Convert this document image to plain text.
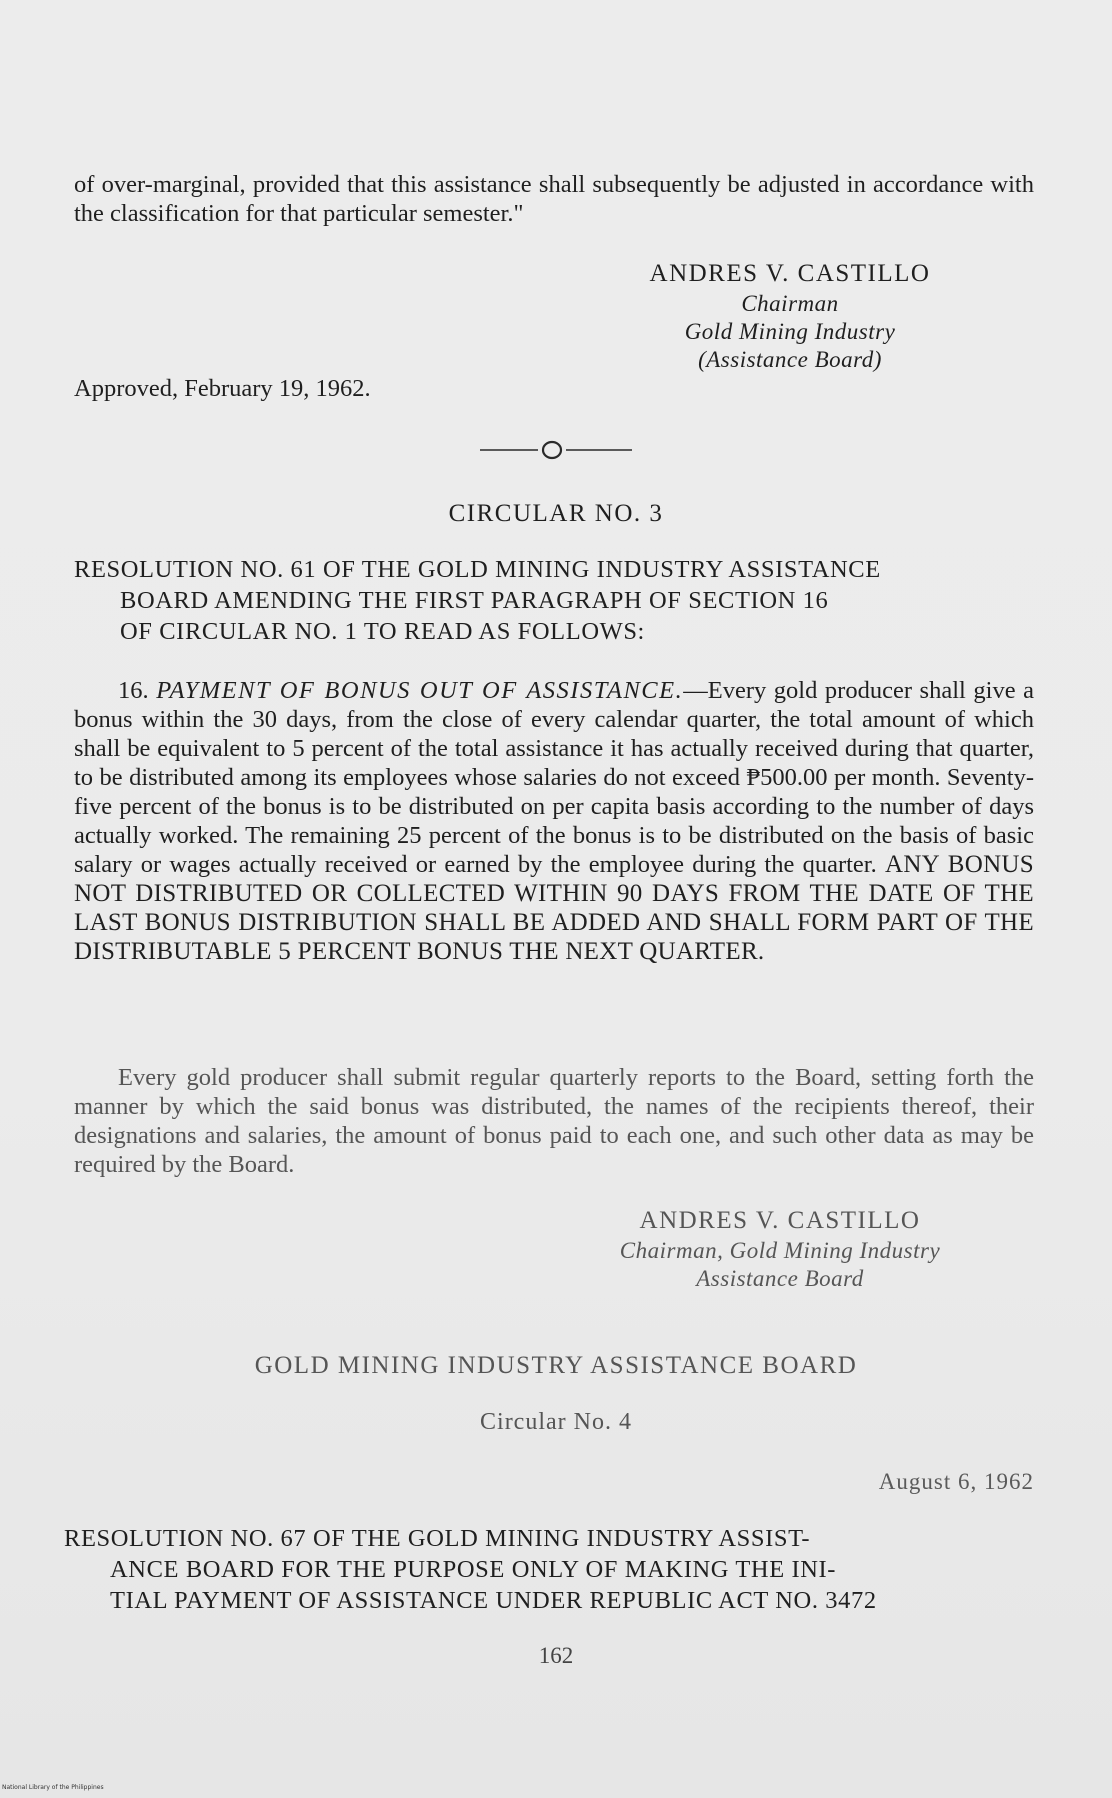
of over-marginal, provided that this assistance shall subsequently be adjusted in accordance with the classification for that particular semester."

ANDRES V. CASTILLO
Chairman
Gold Mining Industry
(Assistance Board)

Approved, February 19, 1962.

CIRCULAR NO. 3

RESOLUTION NO. 61 OF THE GOLD MINING INDUSTRY ASSISTANCE
BOARD AMENDING THE FIRST PARAGRAPH OF SECTION 16
OF CIRCULAR NO. 1 TO READ AS FOLLOWS:

16. PAYMENT OF BONUS OUT OF ASSISTANCE.—Every gold producer shall give a bonus within the 30 days, from the close of every calendar quarter, the total amount of which shall be equivalent to 5 percent of the total assistance it has actually received during that quarter, to be distributed among its employees whose salaries do not exceed ₱500.00 per month. Seventy-five percent of the bonus is to be distributed on per capita basis according to the number of days actually worked. The remaining 25 percent of the bonus is to be distributed on the basis of basic salary or wages actually received or earned by the employee during the quarter. ANY BONUS NOT DISTRIBUTED OR COLLECTED WITHIN 90 DAYS FROM THE DATE OF THE LAST BONUS DISTRIBUTION SHALL BE ADDED AND SHALL FORM PART OF THE DISTRIBUTABLE 5 PERCENT BONUS THE NEXT QUARTER.

Every gold producer shall submit regular quarterly reports to the Board, setting forth the manner by which the said bonus was distributed, the names of the recipients thereof, their designations and salaries, the amount of bonus paid to each one, and such other data as may be required by the Board.

ANDRES V. CASTILLO
Chairman, Gold Mining Industry
Assistance Board

GOLD MINING INDUSTRY ASSISTANCE BOARD

Circular No. 4

August 6, 1962

RESOLUTION NO. 67 OF THE GOLD MINING INDUSTRY ASSIST-
ANCE BOARD FOR THE PURPOSE ONLY OF MAKING THE INI-
TIAL PAYMENT OF ASSISTANCE UNDER REPUBLIC ACT NO. 3472

162

National Library of the Philippines
